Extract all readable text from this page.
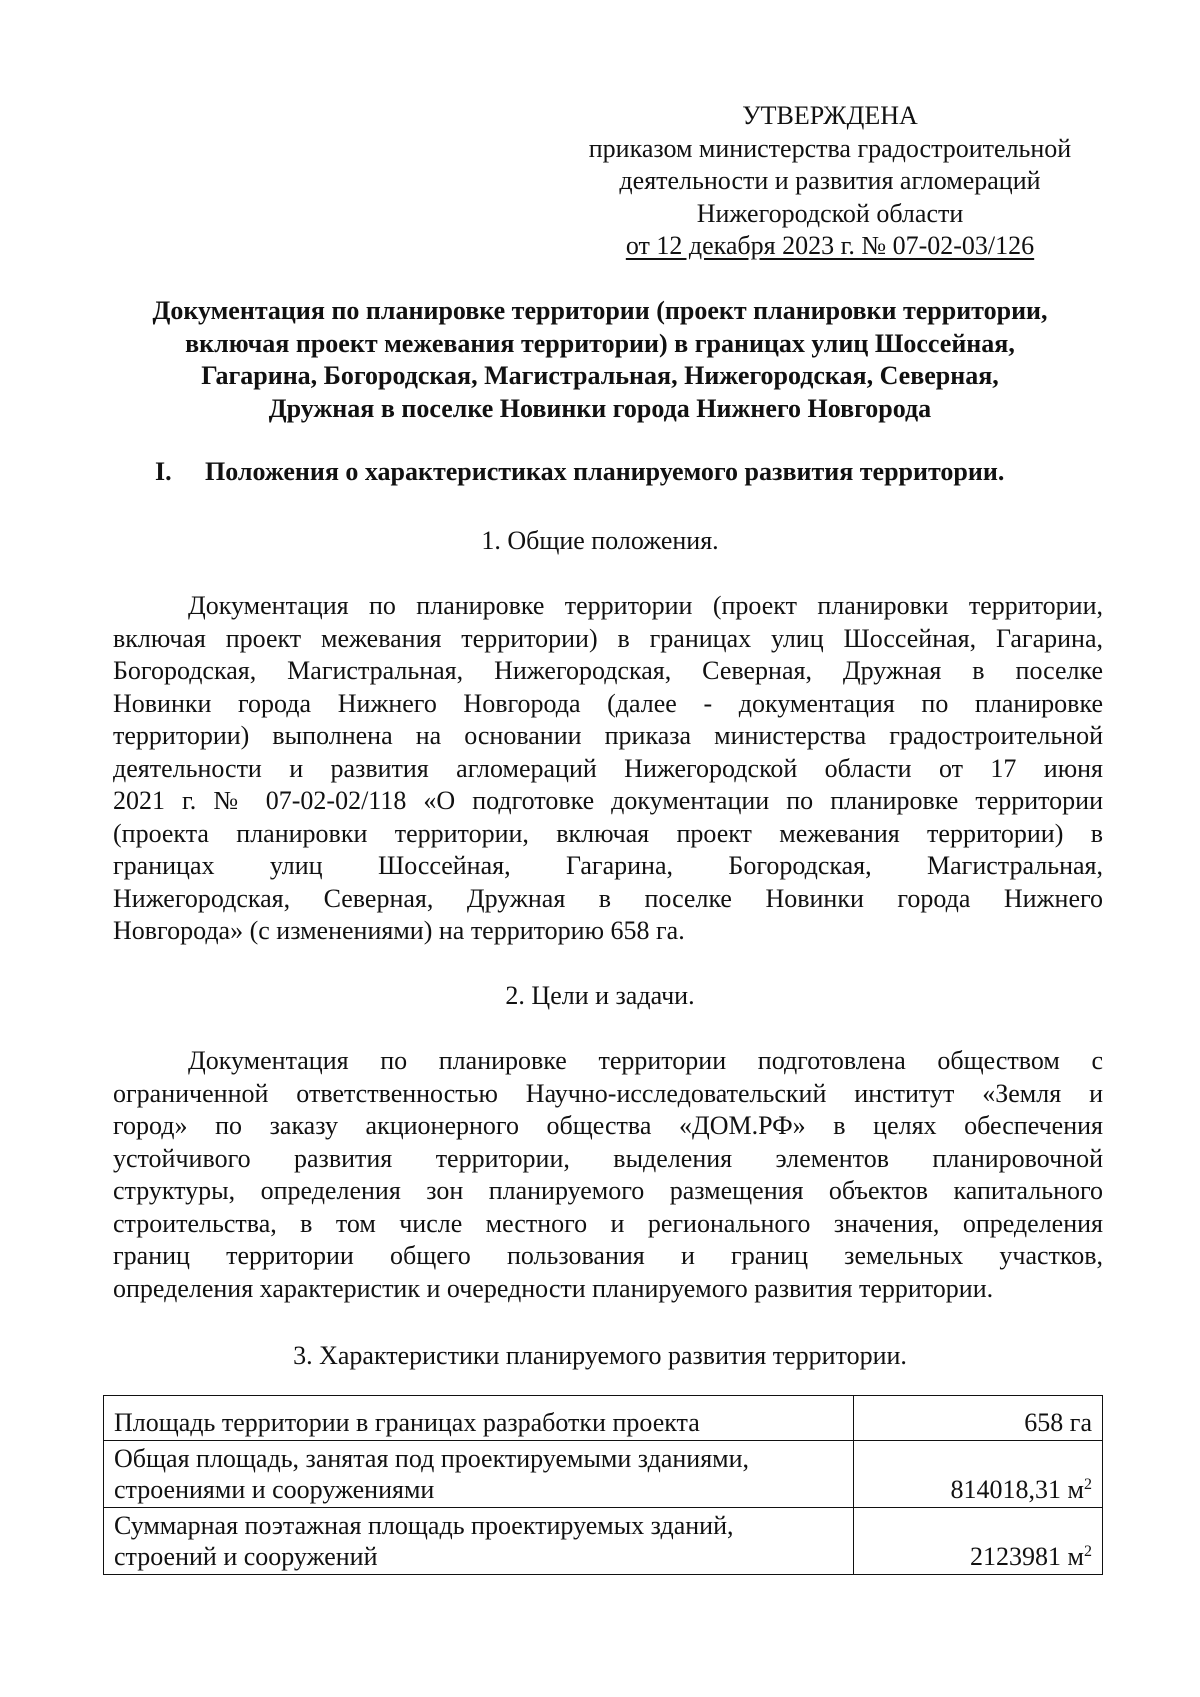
УТВЕРЖДЕНА
приказом министерства градостроительной
деятельности и развития агломераций
Нижегородской области
от 12 декабря 2023 г. № 07-02-03/126
Документация по планировке территории (проект планировки территории,
включая проект межевания территории) в границах улиц Шоссейная,
Гагарина, Богородская, Магистральная, Нижегородская, Северная,
Дружная в поселке Новинки города Нижнего Новгорода
I. Положения о характеристиках планируемого развития территории.
1. Общие положения.
Документация по планировке территории (проект планировки территории,
включая проект межевания территории) в границах улиц Шоссейная, Гагарина,
Богородская, Магистральная, Нижегородская, Северная, Дружная в поселке
Новинки города Нижнего Новгорода (далее - документация по планировке
территории) выполнена на основании приказа министерства градостроительной
деятельности и развития агломераций Нижегородской области от 17 июня
2021 г. № 07-02-02/118 «О подготовке документации по планировке территории
(проекта планировки территории, включая проект межевания территории) в
границах улиц Шоссейная, Гагарина, Богородская, Магистральная,
Нижегородская, Северная, Дружная в поселке Новинки города Нижнего
Новгорода» (с изменениями) на территорию 658 га.
2. Цели и задачи.
Документация по планировке территории подготовлена обществом с
ограниченной ответственностью Научно-исследовательский институт «Земля и
город» по заказу акционерного общества «ДОМ.РФ» в целях обеспечения
устойчивого развития территории, выделения элементов планировочной
структуры, определения зон планируемого размещения объектов капитального
строительства, в том числе местного и регионального значения, определения
границ территории общего пользования и границ земельных участков,
определения характеристик и очередности планируемого развития территории.
3. Характеристики планируемого развития территории.
Площадь территории в границах разработки проекта	658 га
Общая площадь, занятая под проектируемыми зданиями,
строениями и сооружениями	814018,31 $м^2$
Суммарная поэтажная площадь проектируемых зданий,
строений и сооружений	2123981 $м^2$
